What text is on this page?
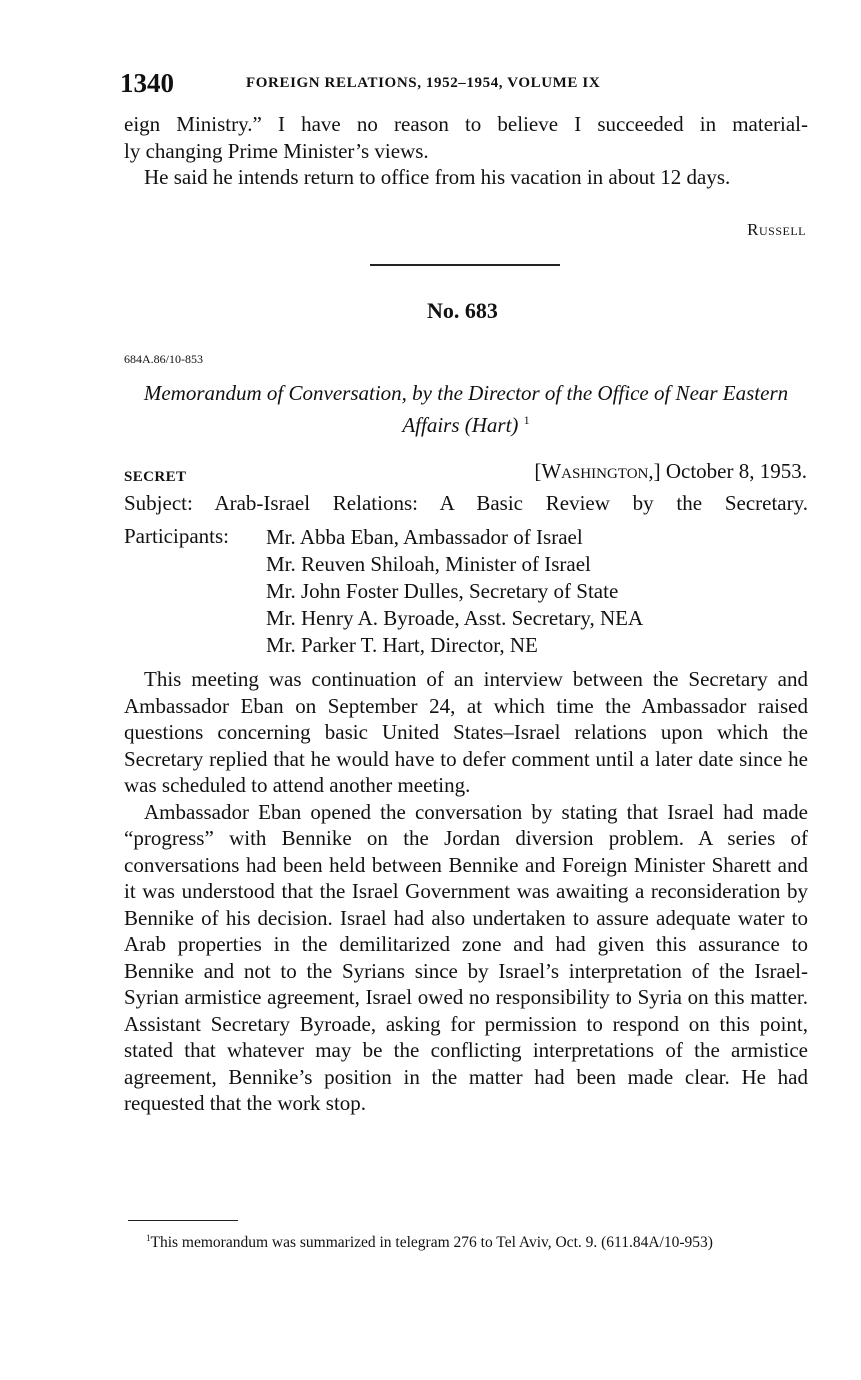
1340	FOREIGN RELATIONS, 1952–1954, VOLUME IX
eign Ministry.” I have no reason to believe I succeeded in material-
ly changing Prime Minister’s views.

He said he intends return to office from his vacation in about 12 days.

Russell
No. 683
684A.86/10-853
Memorandum of Conversation, by the Director of the Office of Near Eastern Affairs (Hart) $^1$
SECRET	[Washington,] October 8, 1953.
Subject: Arab-Israel Relations: A Basic Review by the Secretary.
Participants: Mr. Abba Eban, Ambassador of Israel
Mr. Reuven Shiloah, Minister of Israel
Mr. John Foster Dulles, Secretary of State
Mr. Henry A. Byroade, Asst. Secretary, NEA
Mr. Parker T. Hart, Director, NE

This meeting was continuation of an interview between the Secretary and Ambassador Eban on September 24, at which time the Ambassador raised questions concerning basic United States–Israel relations upon which the Secretary replied that he would have to defer comment until a later date since he was scheduled to attend another meeting.

Ambassador Eban opened the conversation by stating that Israel had made “progress” with Bennike on the Jordan diversion problem. A series of conversations had been held between Bennike and Foreign Minister Sharett and it was understood that the Israel Government was awaiting a reconsideration by Bennike of his decision. Israel had also undertaken to assure adequate water to Arab properties in the demilitarized zone and had given this assurance to Bennike and not to the Syrians since by Israel’s interpretation of the Israel-Syrian armistice agreement, Israel owed no responsibility to Syria on this matter. Assistant Secretary Byroade, asking for permission to respond on this point, stated that whatever may be the conflicting interpretations of the armistice agreement, Bennike’s position in the matter had been made clear. He had requested that the work stop.

$^1$This memorandum was summarized in telegram 276 to Tel Aviv, Oct. 9. (611.84A/10-953)
